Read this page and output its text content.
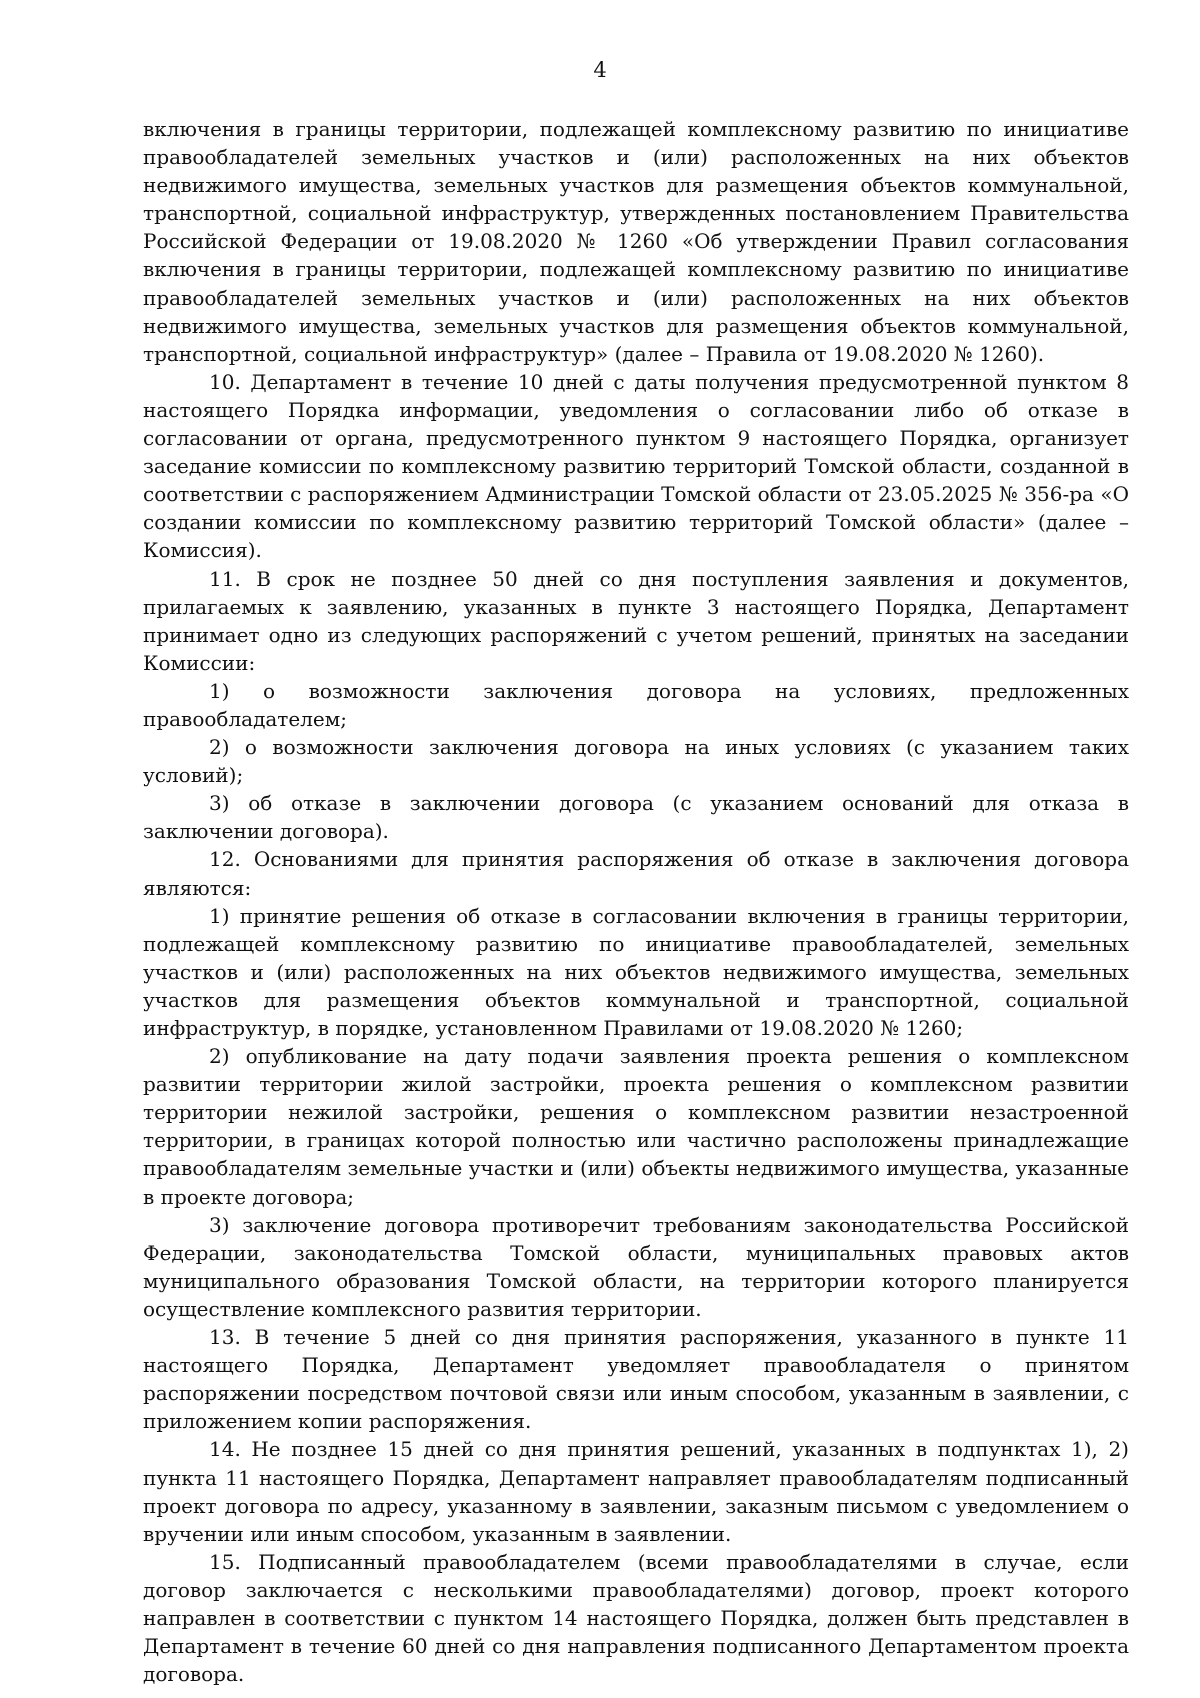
4

включения в границы территории, подлежащей комплексному развитию по инициативе правообладателей земельных участков и (или) расположенных на них объектов недвижимого имущества, земельных участков для размещения объектов коммунальной, транспортной, социальной инфраструктур, утвержденных постановлением Правительства Российской Федерации от 19.08.2020 № 1260 «Об утверждении Правил согласования включения в границы территории, подлежащей комплексному развитию по инициативе правообладателей земельных участков и (или) расположенных на них объектов недвижимого имущества, земельных участков для размещения объектов коммунальной, транспортной, социальной инфраструктур» (далее – Правила от 19.08.2020 № 1260).

10. Департамент в течение 10 дней с даты получения предусмотренной пунктом 8 настоящего Порядка информации, уведомления о согласовании либо об отказе в согласовании от органа, предусмотренного пунктом 9 настоящего Порядка, организует заседание комиссии по комплексному развитию территорий Томской области, созданной в соответствии с распоряжением Администрации Томской области от 23.05.2025 № 356-ра «О создании комиссии по комплексному развитию территорий Томской области» (далее – Комиссия).

11. В срок не позднее 50 дней со дня поступления заявления и документов, прилагаемых к заявлению, указанных в пункте 3 настоящего Порядка, Департамент принимает одно из следующих распоряжений с учетом решений, принятых на заседании Комиссии:

1) о возможности заключения договора на условиях, предложенных правообладателем;

2) о возможности заключения договора на иных условиях (с указанием таких условий);

3) об отказе в заключении договора (с указанием оснований для отказа в заключении договора).

12. Основаниями для принятия распоряжения об отказе в заключения договора являются:

1) принятие решения об отказе в согласовании включения в границы территории, подлежащей комплексному развитию по инициативе правообладателей, земельных участков и (или) расположенных на них объектов недвижимого имущества, земельных участков для размещения объектов коммунальной и транспортной, социальной инфраструктур, в порядке, установленном Правилами от 19.08.2020 № 1260;

2) опубликование на дату подачи заявления проекта решения о комплексном развитии территории жилой застройки, проекта решения о комплексном развитии территории нежилой застройки, решения о комплексном развитии незастроенной территории, в границах которой полностью или частично расположены принадлежащие правообладателям земельные участки и (или) объекты недвижимого имущества, указанные в проекте договора;

3) заключение договора противоречит требованиям законодательства Российской Федерации, законодательства Томской области, муниципальных правовых актов муниципального образования Томской области, на территории которого планируется осуществление комплексного развития территории.

13. В течение 5 дней со дня принятия распоряжения, указанного в пункте 11 настоящего Порядка, Департамент уведомляет правообладателя о принятом распоряжении посредством почтовой связи или иным способом, указанным в заявлении, с приложением копии распоряжения.

14. Не позднее 15 дней со дня принятия решений, указанных в подпунктах 1), 2) пункта 11 настоящего Порядка, Департамент направляет правообладателям подписанный проект договора по адресу, указанному в заявлении, заказным письмом с уведомлением о вручении или иным способом, указанным в заявлении.

15. Подписанный правообладателем (всеми правообладателями в случае, если договор заключается с несколькими правообладателями) договор, проект которого направлен в соответствии с пунктом 14 настоящего Порядка, должен быть представлен в Департамент в течение 60 дней со дня направления подписанного Департаментом проекта договора.
